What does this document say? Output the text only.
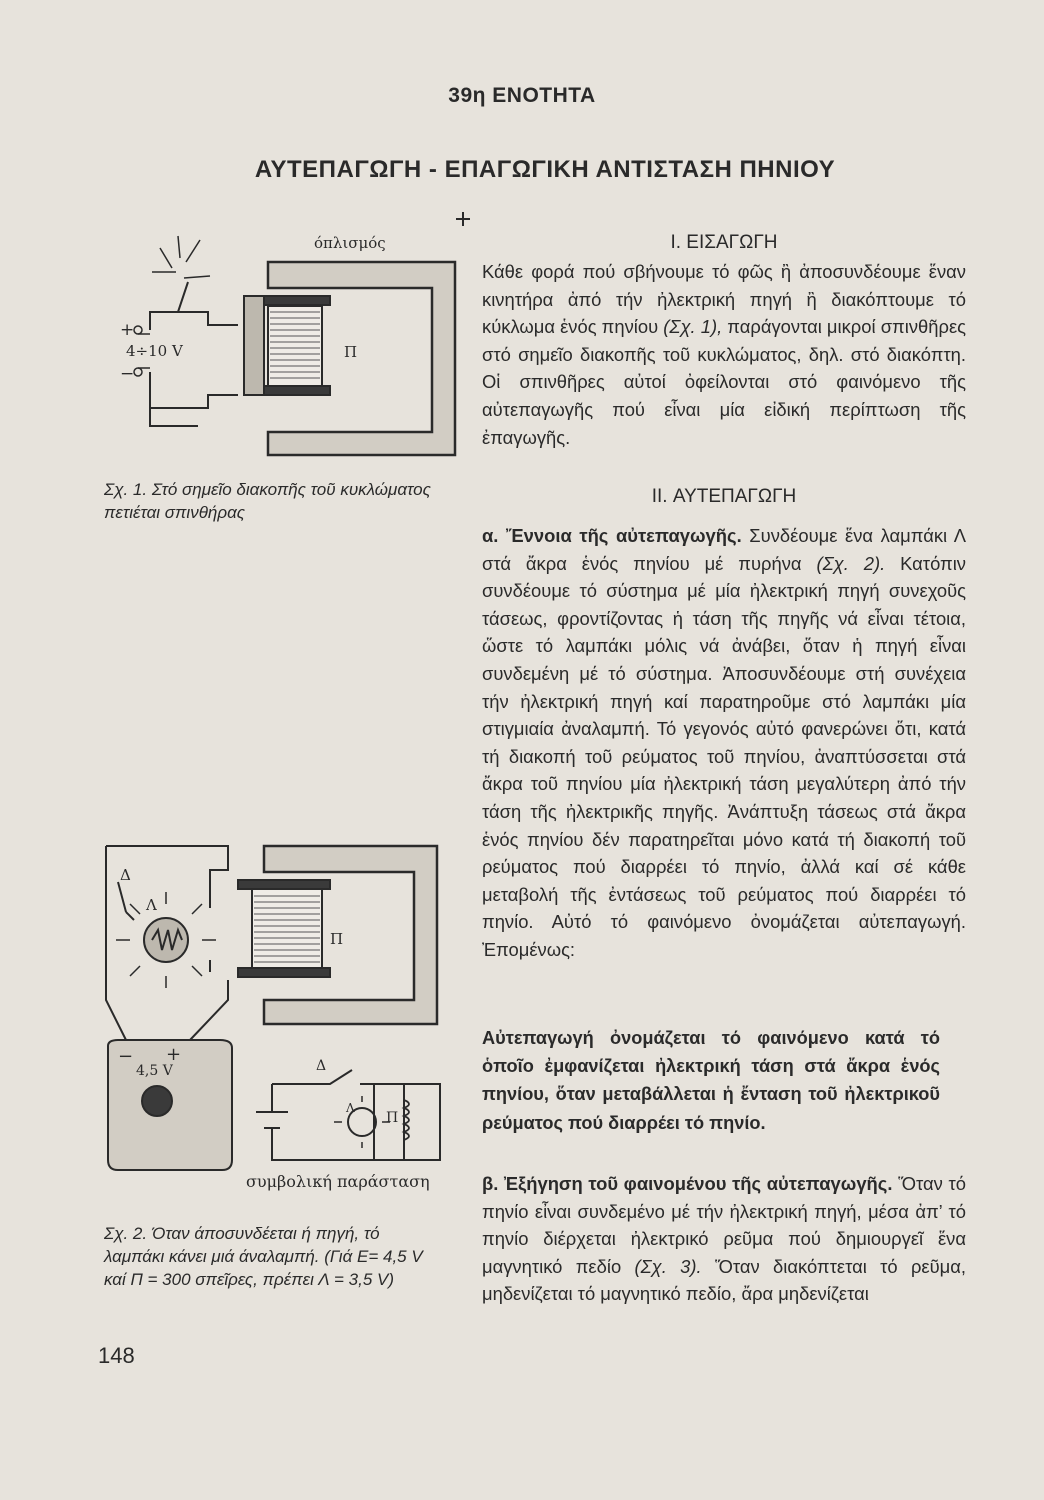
39η ΕΝΟΤΗΤΑ
ΑΥΤΕΠΑΓΩΓΗ - ΕΠΑΓΩΓΙΚΗ ΑΝΤΙΣΤΑΣΗ ΠΗΝΙΟΥ
όπλισμός
+
4÷10 V
−
Π
Σχ. 1. Στό σημεῖο διακοπῆς τοῦ κυκλώματος πετιέται σπινθήρας
Δ
Λ
Π
− +
4,5 V	Δ
Λ
Π
συμβολική παράσταση
Σχ. 2. Όταν άποσυνδέεται ή πηγή, τό λαμπάκι κάνει μιά άναλαμπή. (Γιά E= 4,5 V καί Π = 300 σπεῖρες, πρέπει Λ = 3,5 V)
I. ΕΙΣΑΓΩΓΗ
Κάθε φορά πού σβήνουμε τό φῶς ἢ ἀποσυνδέουμε ἕναν κινητήρα ἀπό τήν ἠλεκτρική πηγή ἢ διακόπτουμε τό κύκλωμα ἑνός πηνίου (Σχ. 1), παράγονται μικροί σπινθῆρες στό σημεῖο διακοπῆς τοῦ κυκλώματος, δηλ. στό διακόπτη. Οἱ σπινθῆρες αὐτοί ὀφείλονται στό φαινόμενο τῆς αὐτεπαγωγῆς πού εἶναι μία εἰδική περίπτωση τῆς ἐπαγωγῆς.
II. ΑΥΤΕΠΑΓΩΓΗ
α. Ἔννοια τῆς αὐτεπαγωγῆς. Συνδέουμε ἕνα λαμπάκι Λ στά ἄκρα ἑνός πηνίου μέ πυρήνα (Σχ. 2). Κατόπιν συνδέουμε τό σύστημα μέ μία ἠλεκτρική πηγή συνεχοῦς τάσεως, φροντίζοντας ἡ τάση τῆς πηγῆς νά εἶναι τέτοια, ὥστε τό λαμπάκι μόλις νά ἀνάβει, ὅταν ἡ πηγή εἶναι συνδεμένη μέ τό σύστημα. Ἀποσυνδέουμε στή συνέχεια τήν ἠλεκτρική πηγή καί παρατηροῦμε στό λαμπάκι μία στιγμιαία ἀναλαμπή. Τό γεγονός αὐτό φανερώνει ὅτι, κατά τή διακοπή τοῦ ρεύματος τοῦ πηνίου, ἀναπτύσσεται στά ἄκρα τοῦ πηνίου μία ἠλεκτρική τάση μεγαλύτερη ἀπό τήν τάση τῆς ἠλεκτρικῆς πηγῆς. Ἀνάπτυξη τάσεως στά ἄκρα ἑνός πηνίου δέν παρατηρεῖται μόνο κατά τή διακοπή τοῦ ρεύματος πού διαρρέει τό πηνίο, ἀλλά καί σέ κάθε μεταβολή τῆς ἐντάσεως τοῦ ρεύματος πού διαρρέει τό πηνίο. Αὐτό τό φαινόμενο ὀνομάζεται αὐτεπαγωγή. Ἐπομένως:
Αὐτεπαγωγή ὀνομάζεται τό φαινόμενο κατά τό ὁποῖο ἐμφανίζεται ἠλεκτρική τάση στά ἄκρα ἑνός πηνίου, ὅταν μεταβάλλεται ἡ ἔνταση τοῦ ἠλεκτρικοῦ ρεύματος πού διαρρέει τό πηνίο.
β. Ἐξήγηση τοῦ φαινομένου τῆς αὐτεπαγωγῆς. Ὅταν τό πηνίο εἶναι συνδεμένο μέ τήν ἠλεκτρική πηγή, μέσα ἀπ’ τό πηνίο διέρχεται ἠλεκτρικό ρεῦμα πού δημιουργεῖ ἕνα μαγνητικό πεδίο (Σχ. 3). Ὅταν διακόπτεται τό ρεῦμα, μηδενίζεται τό μαγνητικό πεδίο, ἄρα μηδενίζεται
148
